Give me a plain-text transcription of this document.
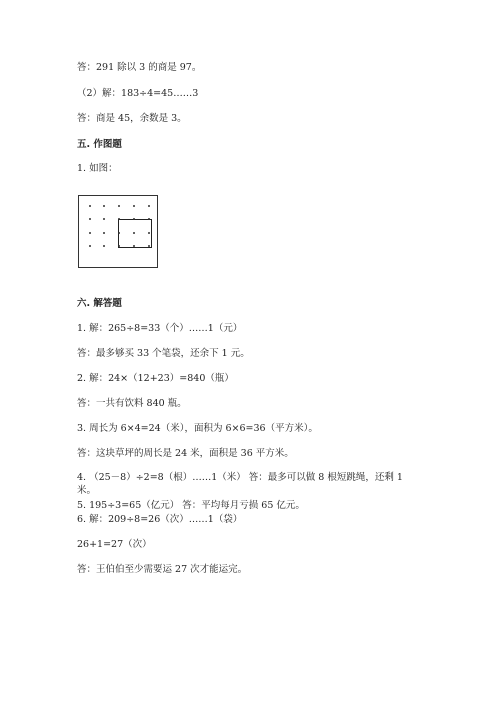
答：291 除以 3 的商是 97。
（2）解：183÷4=45……3
答：商是 45，余数是 3。
五. 作图题
1. 如图：
六. 解答题
1. 解：265÷8=33（个）……1（元）
答：最多够买 33 个笔袋，还余下 1 元。
2. 解：24×（12+23）=840（瓶）
答：一共有饮料 840 瓶。
3. 周长为 6×4=24（米），面积为 6×6=36（平方米）。
答：这块草坪的周长是 24 米，面积是 36 平方米。
4. （25－8）÷2=8（根）……1（米） 答：最多可以做 8 根短跳绳，还剩 1
米。
5. 195÷3=65（亿元） 答：平均每月亏损 65 亿元。
6. 解：209÷8=26（次）……1（袋）
26+1=27（次）
答：王伯伯至少需要运 27 次才能运完。
